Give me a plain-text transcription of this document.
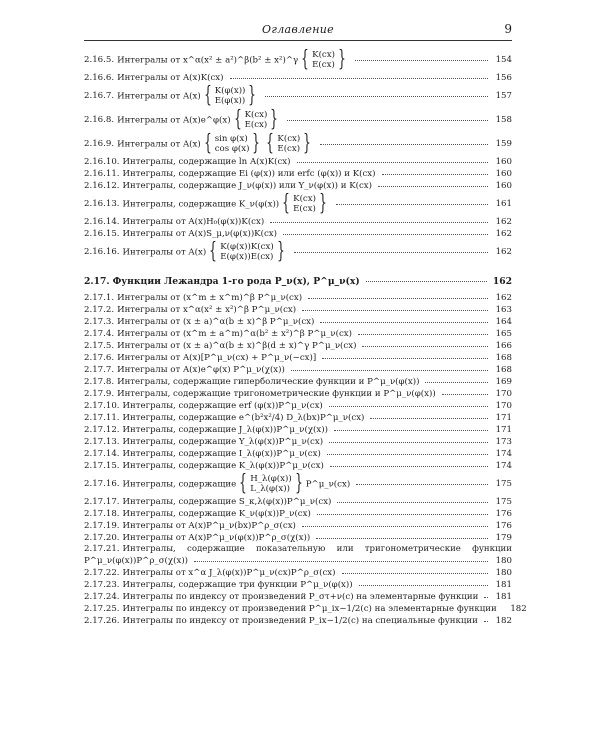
Оглавление	9
2.16.5. Интегралы от x^α(x² ± a²)^β(b² ± x²)^γ { K(cx)
E(cx) }	154
2.16.6. Интегралы от A(x)K(cx)	156
2.16.7. Интегралы от A(x) { K(φ(x))
E(φ(x)) }	157
2.16.8. Интегралы от A(x)e^φ(x) { K(cx)
E(cx) }	158
2.16.9. Интегралы от A(x) { sin φ(x)
cos φ(x) } { K(cx)
E(cx) }	159
2.16.10. Интегралы, содержащие ln A(x)K(cx)	160
2.16.11. Интегралы, содержащие Ei (φ(x)) или erfc (φ(x)) и K(cx)	160
2.16.12. Интегралы, содержащие J_ν(φ(x)) или Y_ν(φ(x)) и K(cx)	160
2.16.13. Интегралы, содержащие K_ν(φ(x)) { K(cx)
E(cx) }	161
2.16.14. Интегралы от A(x)H₀(φ(x))K(cx)	162
2.16.15. Интегралы от A(x)S_μ,ν(φ(x))K(cx)	162
2.16.16. Интегралы от A(x) { K(φ(x))K(cx)
E(φ(x))E(cx) }	162
2.17. Функции Лежандра 1-го рода P_ν(x), P^μ_ν(x)	162
2.17.1. Интегралы от (x^m ± x^m)^β P^μ_ν(cx)	162
2.17.2. Интегралы от x^α(x² ± x²)^β P^μ_ν(cx)	163
2.17.3. Интегралы от (x ± a)^α(b ± x)^β P^μ_ν(cx)	164
2.17.4. Интегралы от (x^m ± a^m)^α(b² ± x²)^β P^μ_ν(cx)	165
2.17.5. Интегралы от (x ± a)^α(b ± x)^β(d ± x)^γ P^μ_ν(cx)	166
2.17.6. Интегралы от A(x)[P^μ_ν(cx) + P^μ_ν(−cx)]	168
2.17.7. Интегралы от A(x)e^φ(x) P^μ_ν(χ(x))	168
2.17.8. Интегралы, содержащие гиперболические функции и P^μ_ν(φ(x))	169
2.17.9. Интегралы, содержащие тригонометрические функции и P^μ_ν(φ(x))	170
2.17.10. Интегралы, содержащие erf (φ(x))P^μ_ν(cx)	170
2.17.11. Интегралы, содержащие e^(b²x²/4) D_λ(bx)P^μ_ν(cx)	171
2.17.12. Интегралы, содержащие J_λ(φ(x))P^μ_ν(χ(x))	171
2.17.13. Интегралы, содержащие Y_λ(φ(x))P^μ_ν(cx)	173
2.17.14. Интегралы, содержащие I_λ(φ(x))P^μ_ν(cx)	174
2.17.15. Интегралы, содержащие K_λ(φ(x))P^μ_ν(cx)	174
2.17.16. Интегралы, содержащие { H_λ(φ(x))
L_λ(φ(x)) } P^μ_ν(cx)	175
2.17.17. Интегралы, содержащие S_κ,λ(φ(x))P^μ_ν(cx)	175
2.17.18. Интегралы, содержащие K_ν(φ(x))P_ν(cx)	176
2.17.19. Интегралы от A(x)P^μ_ν(bx)P^ρ_σ(cx)	176
2.17.20. Интегралы от A(x)P^μ_ν(φ(x))P^ρ_σ(χ(x))	179
2.17.21. Интегралы, содержащие показательную или тригонометрические функции
P^μ_ν(φ(x))P^ρ_σ(χ(x))	180
2.17.22. Интегралы от x^α J_λ(φ(x))P^μ_ν(cx)P^ρ_σ(cx)	180
2.17.23. Интегралы, содержащие три функции P^μ_ν(φ(x))	181
2.17.24. Интегралы по индексу от произведений P_στ+ν(c) на элементарные функции 181
2.17.25. Интегралы по индексу от произведений P^μ_ix−1/2(c) на элементарные функции 182
2.17.26. Интегралы по индексу от произведений P_ix−1/2(c) на специальные функции 182
